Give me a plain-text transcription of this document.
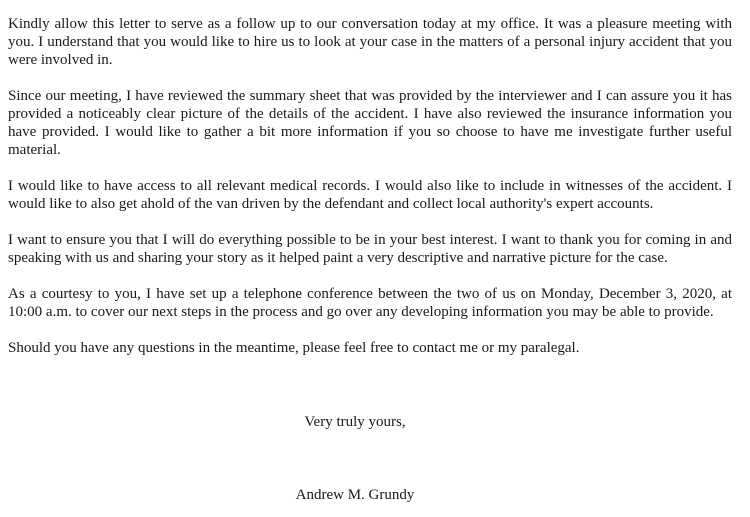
Kindly allow this letter to serve as a follow up to our conversation today at my office. It was a pleasure meeting with you. I understand that you would like to hire us to look at your case in the matters of a personal injury accident that you were involved in.

Since our meeting, I have reviewed the summary sheet that was provided by the interviewer and I can assure you it has provided a noticeably clear picture of the details of the accident. I have also reviewed the insurance information you have provided. I would like to gather a bit more information if you so choose to have me investigate further useful material.

I would like to have access to all relevant medical records. I would also like to include in witnesses of the accident. I would like to also get ahold of the van driven by the defendant and collect local authority's expert accounts.

I want to ensure you that I will do everything possible to be in your best interest. I want to thank you for coming in and speaking with us and sharing your story as it helped paint a very descriptive and narrative picture for the case.

As a courtesy to you, I have set up a telephone conference between the two of us on Monday, December 3, 2020, at 10:00 a.m. to cover our next steps in the process and go over any developing information you may be able to provide.

Should you have any questions in the meantime, please feel free to contact me or my paralegal.

Very truly yours,

Andrew M. Grundy
